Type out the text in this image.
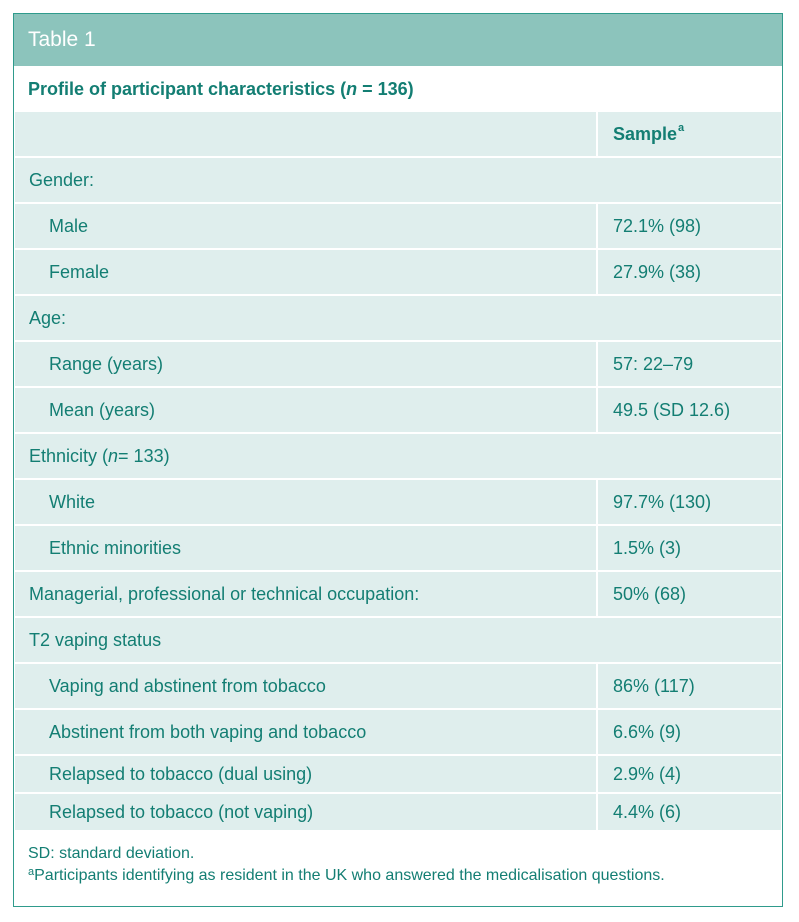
Table 1
Profile of participant characteristics (n = 136)
Sample a
Gender:
Male	72.1% (98)
Female	27.9% (38)
Age:
Range (years)	57: 22–79
Mean (years)	49.5 (SD 12.6)
Ethnicity ( n = 133)
White	97.7% (130)
Ethnic minorities	1.5% (3)
Managerial, professional or technical occupation:	50% (68)
T2 vaping status
Vaping and abstinent from tobacco	86% (117)
Abstinent from both vaping and tobacco	6.6% (9)
Relapsed to tobacco (dual using)	2.9% (4)
Relapsed to tobacco (not vaping)	4.4% (6)
SD: standard deviation.
$^a$Participants identifying as resident in the UK who answered the medicalisation questions.
